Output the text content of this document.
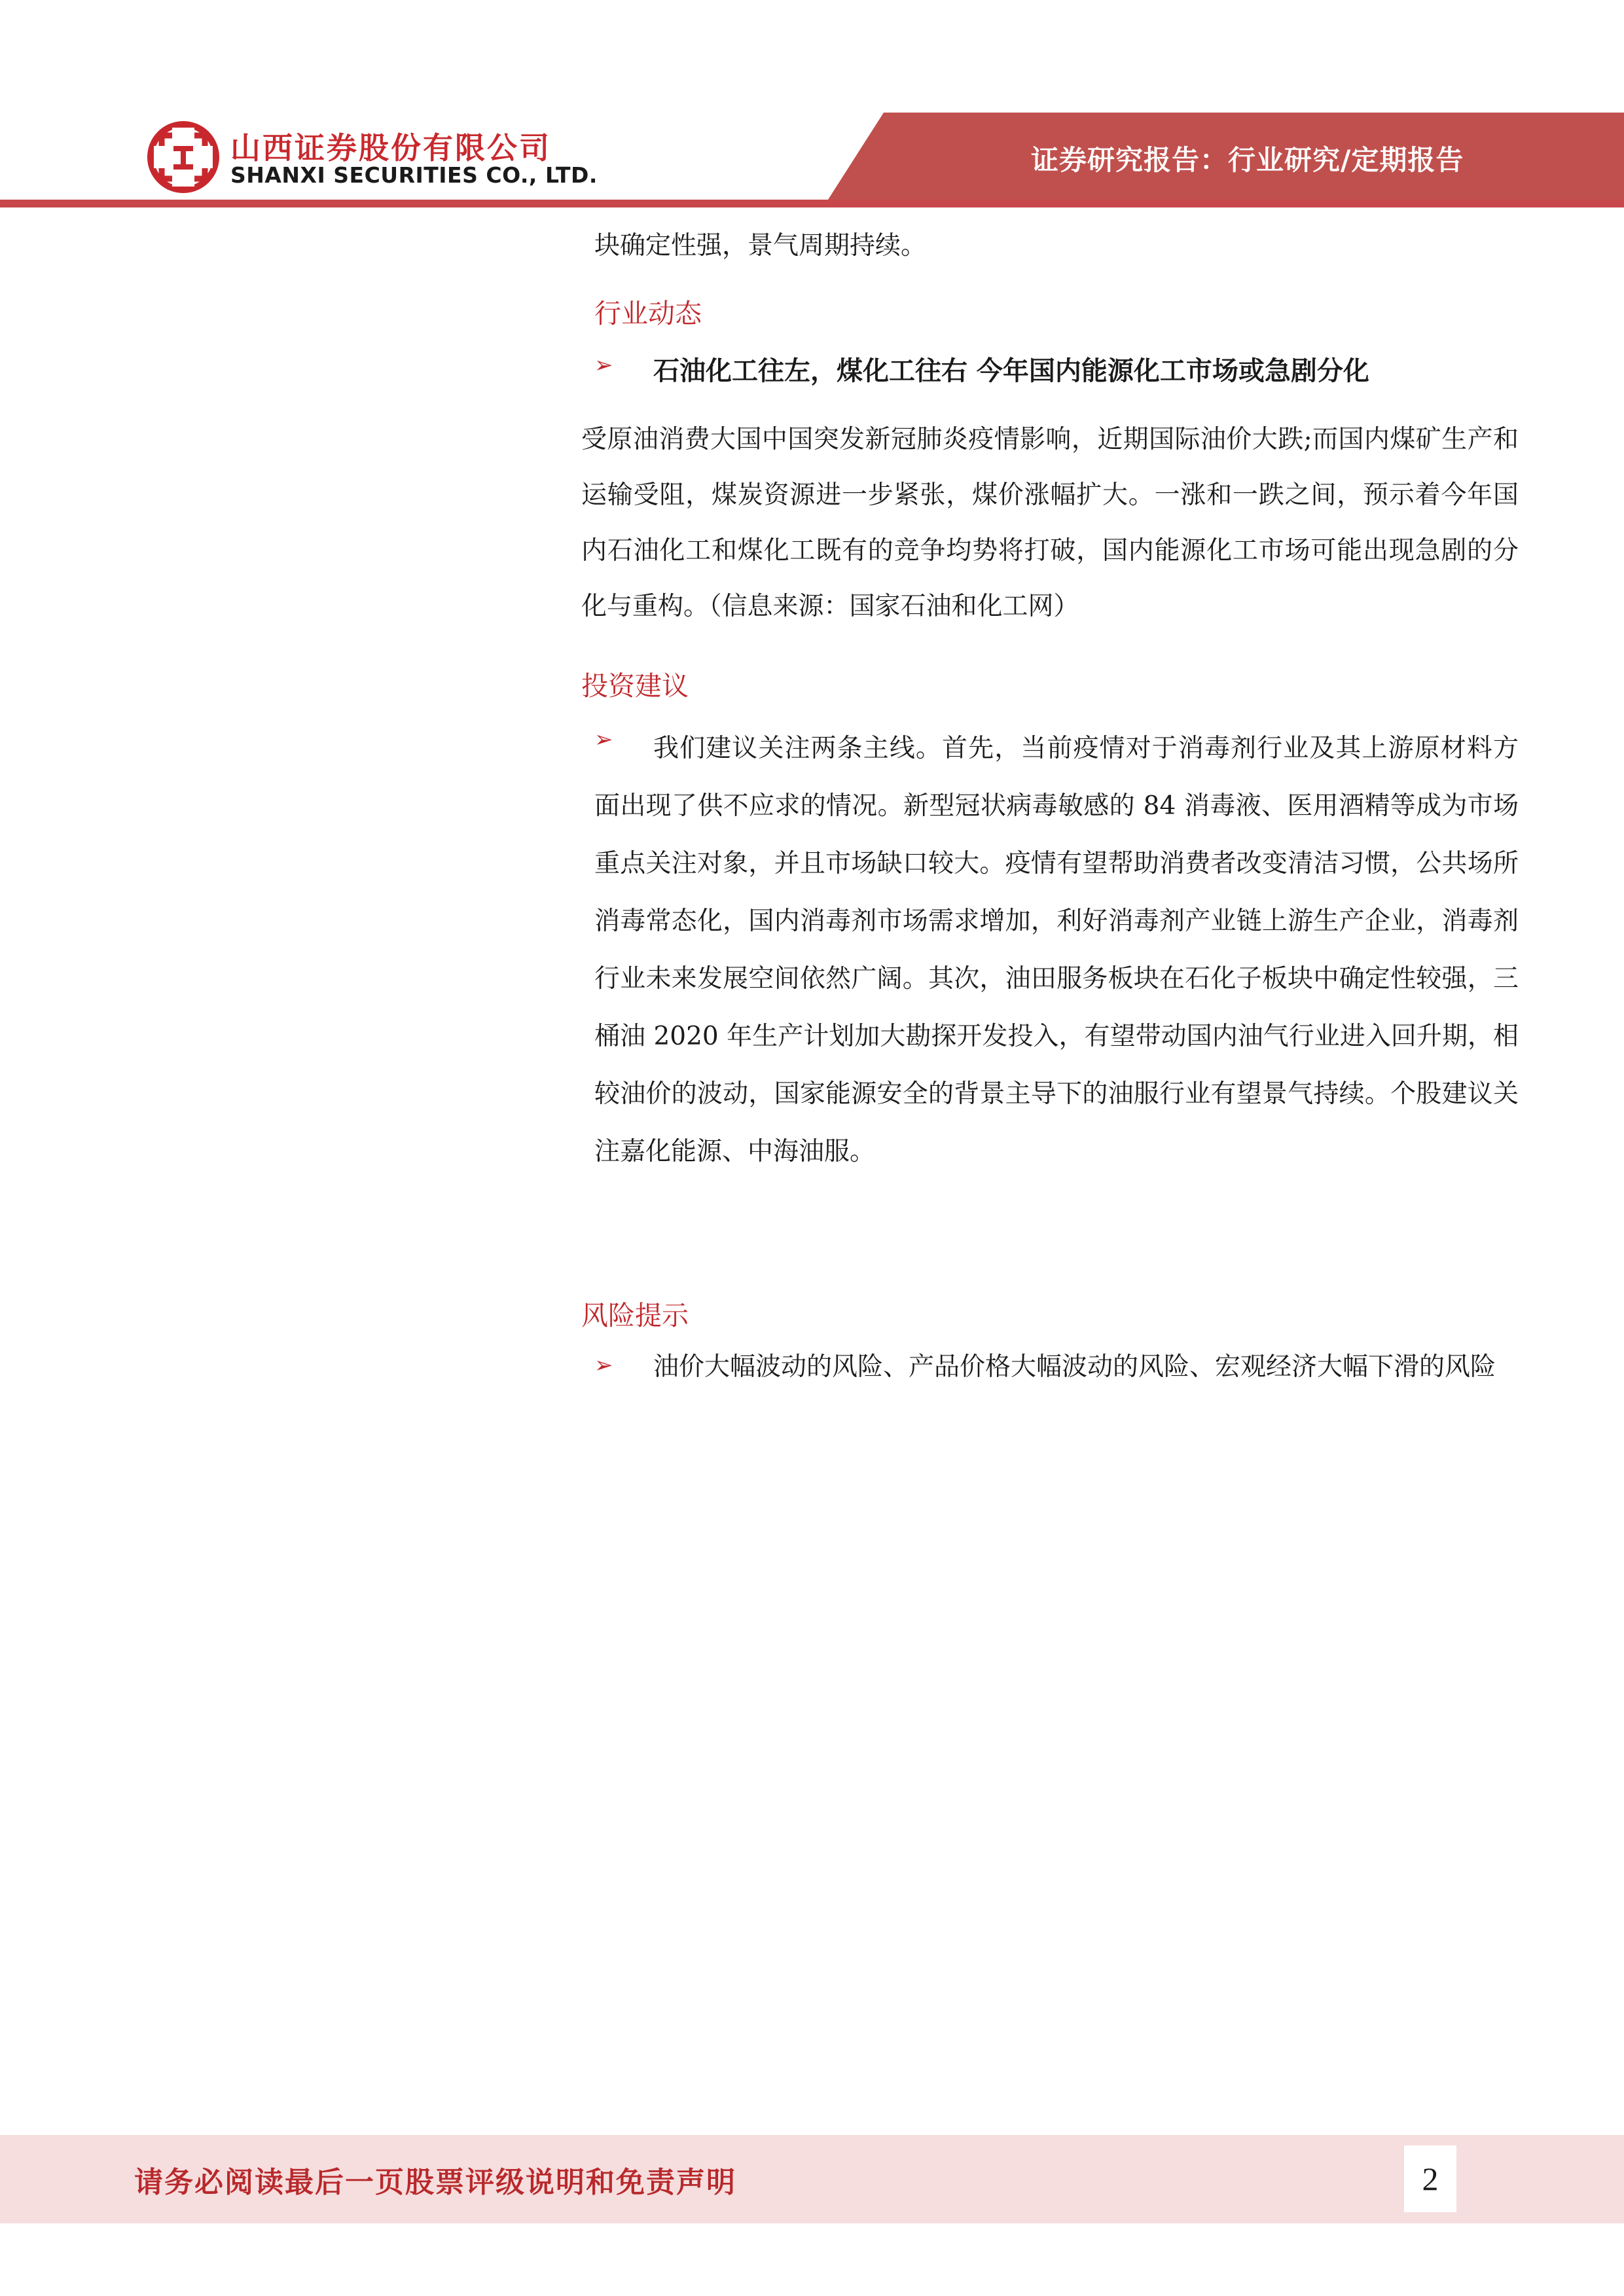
证券研究报告：行业研究/定期报告
山西证券股份有限公司
SHANXI SECURITIES CO., LTD.
块确定性强，景气周期持续。
行业动态
➢ 石油化工往左，煤化工往右 今年国内能源化工市场或急剧分化
受原油消费大国中国突发新冠肺炎疫情影响，近期国际油价大跌;而国内煤矿生产和运输受阻，煤炭资源进一步紧张，煤价涨幅扩大。一涨和一跌之间，预示着今年国内石油化工和煤化工既有的竞争均势将打破，国内能源化工市场可能出现急剧的分化与重构。（信息来源：国家石油和化工网）
投资建议
➢	我们建议关注两条主线。首先，当前疫情对于消毒剂行业及其上游原材料方面出现了供不应求的情况。新型冠状病毒敏感的 84 消毒液、医用酒精等成为市场重点关注对象，并且市场缺口较大。疫情有望帮助消费者改变清洁习惯，公共场所消毒常态化，国内消毒剂市场需求增加，利好消毒剂产业链上游生产企业，消毒剂行业未来发展空间依然广阔。其次，油田服务板块在石化子板块中确定性较强，三桶油 2020 年生产计划加大勘探开发投入，有望带动国内油气行业进入回升期，相较油价的波动，国家能源安全的背景主导下的油服行业有望景气持续。个股建议关注嘉化能源、中海油服。
风险提示
➢	油价大幅波动的风险、产品价格大幅波动的风险、宏观经济大幅下滑的风险
请务必阅读最后一页股票评级说明和免责声明	2
